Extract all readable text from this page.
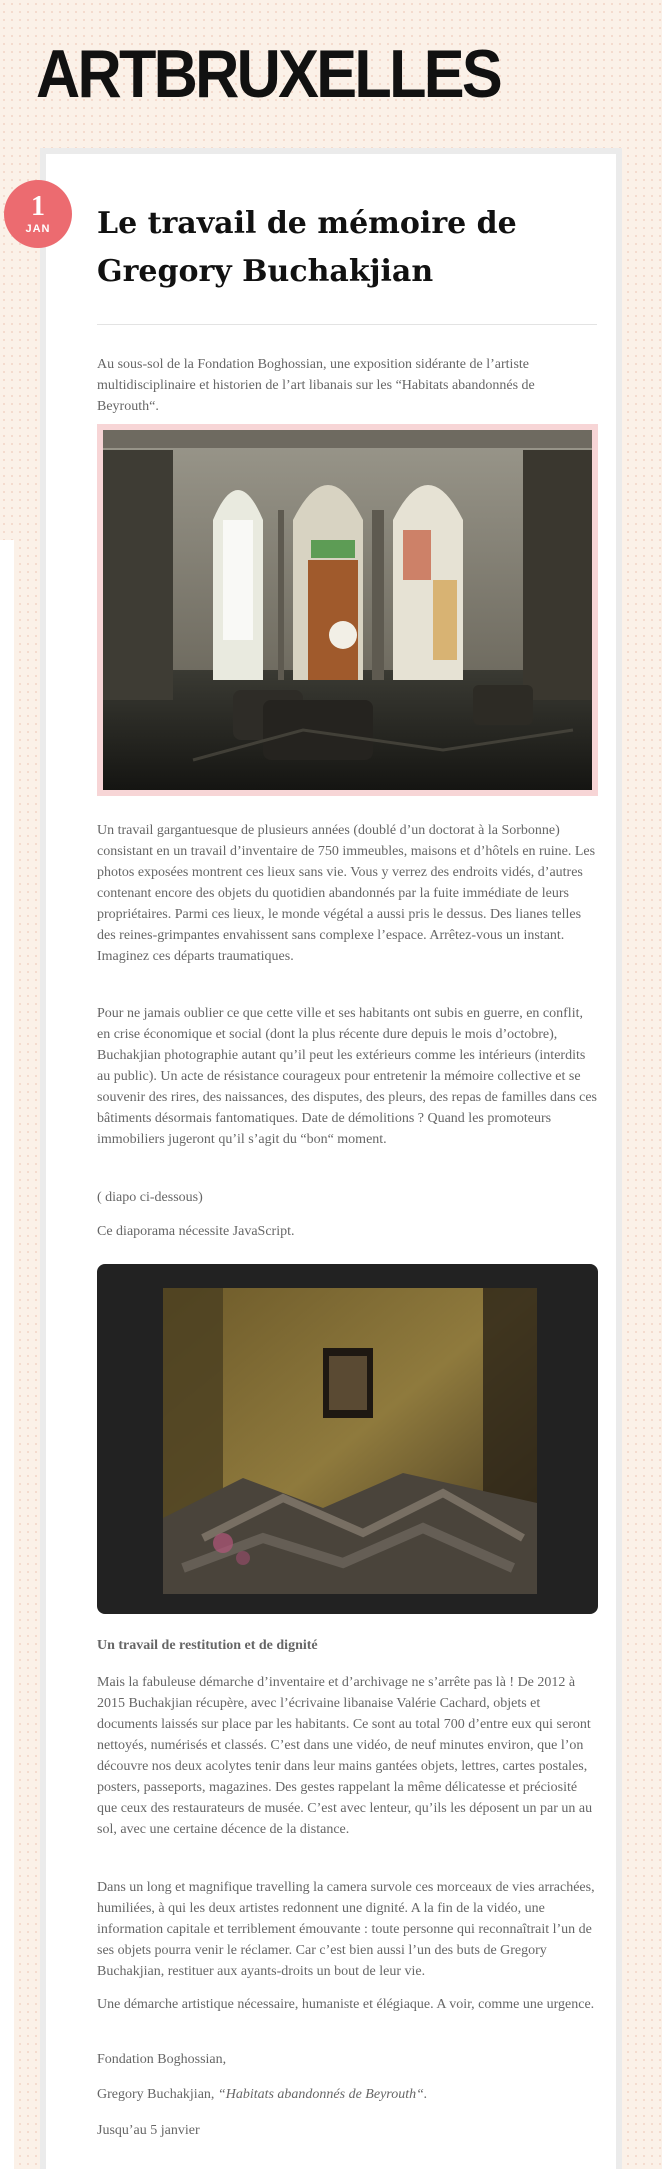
ARTBRUXELLES
1
JAN	Le travail de mémoire de Gregory Buchakjian

Au sous-sol de la Fondation Boghossian, une exposition sidérante de l’artiste multidisciplinaire et historien de l’art libanais sur les “Habitats abandonnés de Beyrouth“.

Un travail gargantuesque de plusieurs années (doublé d’un doctorat à la Sorbonne) consistant en un travail d’inventaire de 750 immeubles, maisons et d’hôtels en ruine. Les photos exposées montrent ces lieux sans vie. Vous y verrez des endroits vidés, d’autres contenant encore des objets du quotidien abandonnés par la fuite immédiate de leurs propriétaires. Parmi ces lieux, le monde végétal a aussi pris le dessus. Des lianes telles des reines-grimpantes envahissent sans complexe l’espace. Arrêtez-vous un instant. Imaginez ces départs traumatiques.

Pour ne jamais oublier ce que cette ville et ses habitants ont subis en guerre, en conflit, en crise économique et social (dont la plus récente dure depuis le mois d’octobre), Buchakjian photographie autant qu’il peut les extérieurs comme les intérieurs (interdits au public). Un acte de résistance courageux pour entretenir la mémoire collective et se souvenir des rires, des naissances, des disputes, des pleurs, des repas de familles dans ces bâtiments désormais fantomatiques. Date de démolitions ? Quand les promoteurs immobiliers jugeront qu’il s’agit du “bon“ moment.

( diapo ci-dessous)

Ce diaporama nécessite JavaScript.

Un travail de restitution et de dignité

Mais la fabuleuse démarche d’inventaire et d’archivage ne s’arrête pas là ! De 2012 à 2015 Buchakjian récupère, avec l’écrivaine libanaise Valérie Cachard, objets et documents laissés sur place par les habitants. Ce sont au total 700 d’entre eux qui seront nettoyés, numérisés et classés. C’est dans une vidéo, de neuf minutes environ, que l’on découvre nos deux acolytes tenir dans leur mains gantées objets, lettres, cartes postales, posters, passeports, magazines. Des gestes rappelant la même délicatesse et préciosité que ceux des restaurateurs de musée. C’est avec lenteur, qu’ils les déposent un par un au sol, avec une certaine décence de la distance.

Dans un long et magnifique travelling la camera survole ces morceaux de vies arrachées, humiliées, à qui les deux artistes redonnent une dignité. A la fin de la vidéo, une information capitale et terriblement émouvante : toute personne qui reconnaîtrait l’un de ses objets pourra venir le réclamer. Car c’est bien aussi l’un des buts de Gregory Buchakjian, restituer aux ayants-droits un bout de leur vie.

Une démarche artistique nécessaire, humaniste et élégiaque. A voir, comme une urgence.

Fondation Boghossian,

Gregory Buchakjian, “Habitats abandonnés de Beyrouth“.

Jusqu’au 5 janvier
